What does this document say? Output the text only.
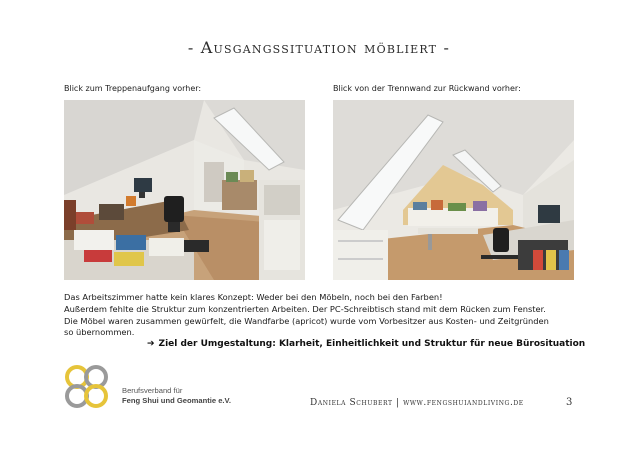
- Ausgangssituation möbliert -
Blick zum Treppenaufgang vorher:	Blick von der Trennwand zur Rückwand vorher:
Das Arbeitszimmer hatte kein klares Konzept: Weder bei den Möbeln, noch bei den Farben!
Außerdem fehlte die Struktur zum konzentrierten Arbeiten. Der PC-Schreibtisch stand mit dem Rücken zum Fenster.
Die Möbel waren zusammen gewürfelt, die Wandfarbe (apricot) wurde vom Vorbesitzer aus Kosten- und Zeitgründen
so übernommen.
➔ Ziel der Umgestaltung: Klarheit, Einheitlichkeit und Struktur für neue Bürosituation
Berufsverband für
Feng Shui und Geomantie e.V.	Daniela Schubert | www.fengshuiandliving.de	3
